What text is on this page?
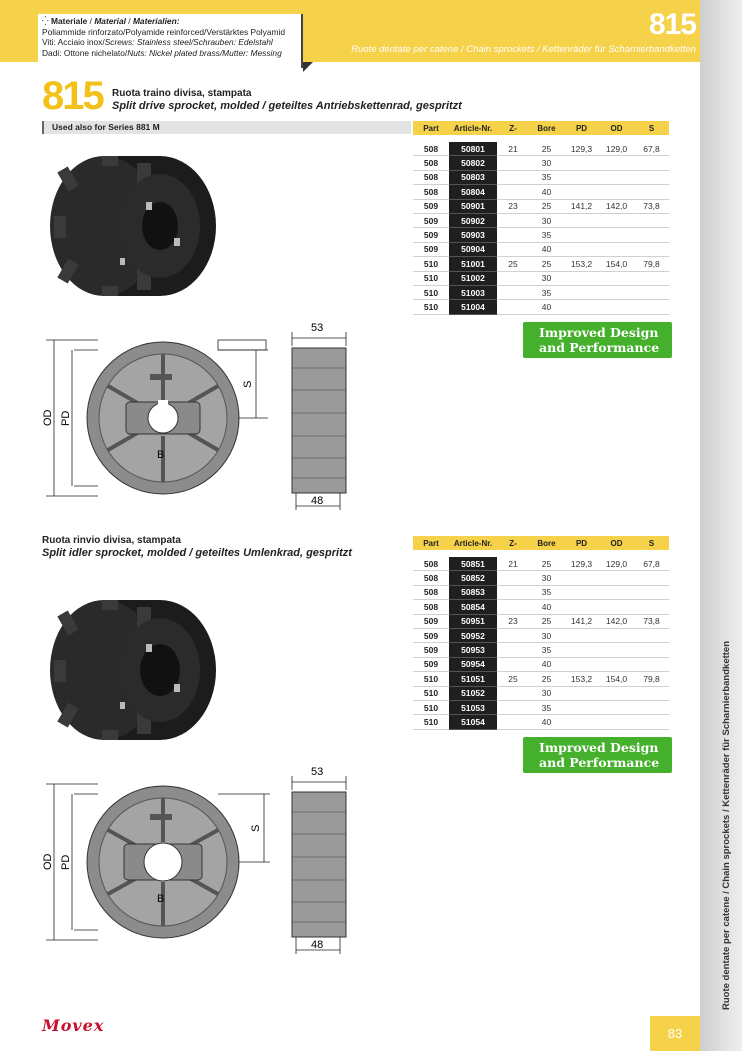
⁛ Materiale / Material / Materialien:
Poliammide rinforzato/Polyamide reinforced/Verstärktes Polyamid
Viti: Acciaio inox/Screws: Stainless steel/Schrauben: Edelstahl
Dadi: Ottone nichelato/Nuts: Nickel plated brass/Mutter: Messing
815
Ruote dentate per catene / Chain sprockets / Kettenräder für Scharnierbandketten
Ruote dentate per catene / Chain sprockets / Kettenräder für Scharnierbandketten
815 Ruota traino divisa, stampata
Split drive sprocket, molded / geteiltes Antriebskettenrad, gespritzt
Used also for Series 881 M	Part	Article-Nr.	Z-	Bore	PD	OD	S

508	50801	21	25	129,3	129,0	67,8
508	50802		30			
508	50803		35			
508	50804		40			
509	50901	23	25	141,2	142,0	73,8
509	50902		30			
509	50903		35			
509	50904		40			
510	51001	25	25	153,2	154,0	79,8
510	51002		30			
510	51003		35			
510	51004		40			
Improved Design
and Performance
OD PD
S
B
53
48
Ruota rinvio divisa, stampata
Split idler sprocket, molded / geteiltes Umlenkrad, gespritzt
Part	Article-Nr.	Z-	Bore	PD	OD	S

508	50851	21	25	129,3	129,0	67,8
508	50852		30			
508	50853		35			
508	50854		40			
509	50951	23	25	141,2	142,0	73,8
509	50952		30			
509	50953		35			
509	50954		40			
510	51051	25	25	153,2	154,0	79,8
510	51052		30			
510	51053		35			
510	51054		40			
Improved Design
and Performance
OD PD
S
B
53
48
Movex	83
